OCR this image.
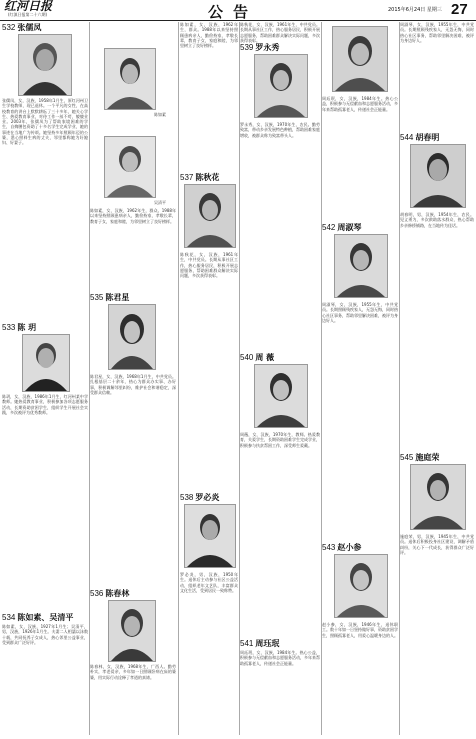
红河日报
(红滇日报第二十六期)	公告	2015年6月24日 星期三 27
532 张儒凤
张儒凤，女，汉族，1958年1月生，原红河州卫生学校教师，现已退休。一个平凡的女性，在高校教育的讲台上默默耕耘了三十多年，她关心学生、热爱教育事业，对待工作一丝不苟，兢兢业业。2003年，张儒凤为了帮助家境困难的学生，自掏腰包资助了十多名学生完成学业，她的事迹在当地广为传颂。她坚持多年照顾年迈的公婆，悉心照料生病的丈夫，邻里都称她为好媳妇、好妻子。
533 陈 玥
陈玥，女，汉族，1986年1月生，红河州某中学教师。她热爱教育事业，积极参加各项志愿服务活动，长期资助贫困学生，组织学生开展社会实践，多次被评为优秀教师。
534 陈如素、吴清平
陈如素，女，汉族，1927年1月生；吴清平，男，汉族，1926年1月生。夫妻二人相濡以沫数十载，共同抚养子女成人，热心邻里公益事业，受到群众广泛好评。
陈如素
吴清平
陈如素，女，汉族，1962年生，群众。1988年以来坚持照顾患病亲人，勤俭持家，孝敬长辈，教育子女，家庭和睦，为邻里树立了良好榜样。
535 陈君星
陈君星，女，汉族，1968年1月生，中共党员。扎根基层二十余年，热心为群众办实事、办好事，积极调解邻里纠纷，维护社会和谐稳定，深受群众信赖。
536 陈春林
陈春林，女，汉族，1968年生，广西人。勤劳朴实，孝老爱亲，多年如一日照顾卧病在床的婆婆，用实际行动诠释了孝道的真谛。
陈如素，女，汉族，1962年生，群众。1988年以来坚持照顾患病亲人，勤俭持家，孝敬长辈，教育子女，家庭和睦，为邻里树立了良好榜样。
537 陈秋花
陈秋花，女，汉族，1961年生，中共党员。长期从事社区工作，热心服务居民，积极开展志愿服务，帮助困难群众解决实际问题，多次获得表彰。
538 罗必炎
罗必炎，男，汉族，1950年生。退休后主动参与社区公益活动，组织老年文艺队，丰富群众文化生活，受到居民一致称赞。
陈秋花，女，汉族，1961年生，中共党员。长期从事社区工作，热心服务居民，积极开展志愿服务，帮助困难群众解决实际问题，多次获得表彰。
539 罗永秀
罗永秀，女，汉族，1970年生，农民。勤劳致富，带动乡亲发展特色种植，帮助困难家庭增收，被群众称为致富带头人。
540 周 薇
周薇，女，汉族，1970年生，教师。热爱教育，关爱学生，长期资助困难学生完成学业，积极参与扶贫帮困工作，深受师生爱戴。
541 周珏珉
周珏珉，女，汉族，1984年生。热心公益，积极参与无偿献血和志愿服务活动，多年来帮助孤寡老人，传递社会正能量。
周珏珉，女，汉族，1984年生。热心公益，积极参与无偿献血和志愿服务活动，多年来帮助孤寡老人，传递社会正能量。
542 周淑琴
周淑琴，女，汉族，1955年生，中共党员。长期照顾残疾家人，无怨无悔，同时热心社区事务，帮助邻里解决困难，被评为身边好人。
543 赵小参
赵小参，女，汉族，1946年生，退休职工。数十年如一日坚持做好事，资助贫困学生，照顾孤寡老人，用爱心温暖身边的人。
周淑琴，女，汉族，1955年生，中共党员。长期照顾残疾家人，无怨无悔，同时热心社区事务，帮助邻里解决困难，被评为身边好人。
544 胡春明
胡春明，男，汉族，1954年生，农民。见义勇为，多次救助落水群众，热心帮助乡亲修桥铺路，在当地传为佳话。
545 施庭荣
施庭荣，男，汉族，1945年生，中共党员。退休后积极投身社区建设，调解矛盾纠纷，关心下一代成长，获得群众广泛好评。
